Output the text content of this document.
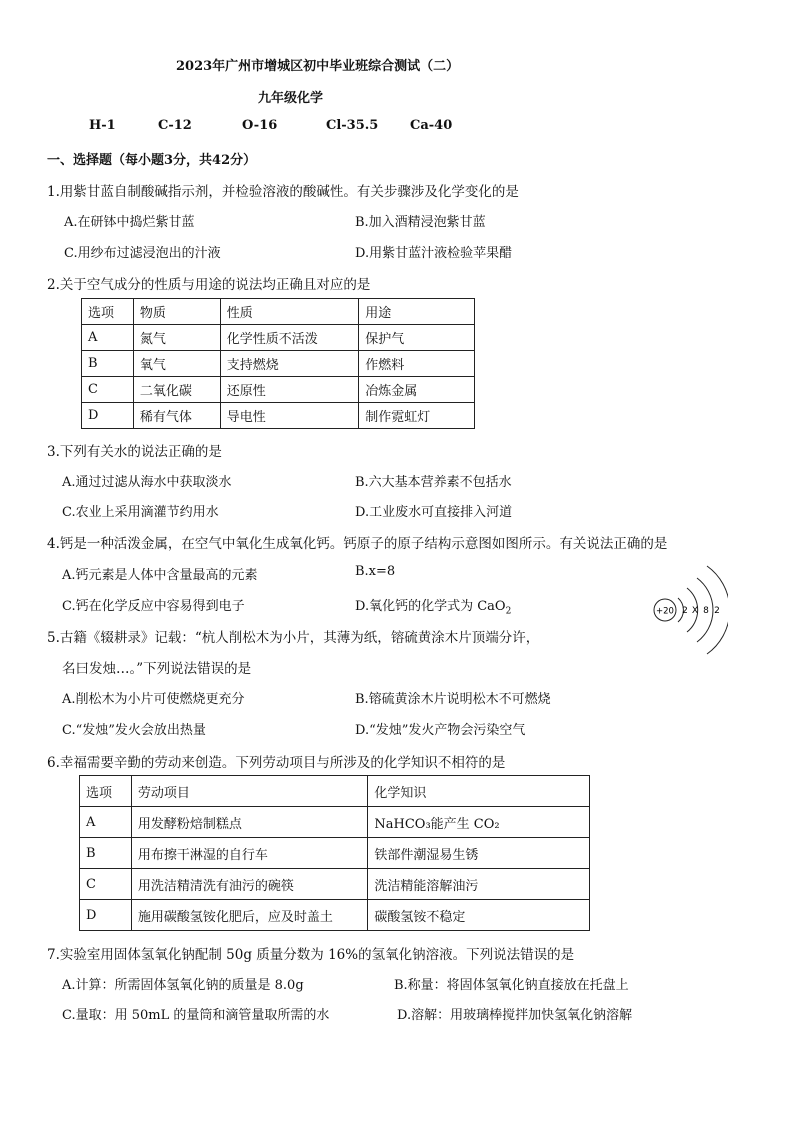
2023年广州市增城区初中毕业班综合测试（二）
九年级化学
H-1	C-12	O-16	Cl-35.5 Ca-40
一、选择题（每小题3分，共42分）
1.用紫甘蓝自制酸碱指示剂，并检验溶液的酸碱性。有关步骤涉及化学变化的是
A.在研钵中捣烂紫甘蓝	B.加入酒精浸泡紫甘蓝
C.用纱布过滤浸泡出的汁液	D.用紫甘蓝汁液检验苹果醋
2.关于空气成分的性质与用途的说法均正确且对应的是
选项	物质	性质	用途
A	氮气	化学性质不活泼	保护气
B	氧气	支持燃烧	作燃料
C	二氧化碳	还原性	冶炼金属
D	稀有气体	导电性	制作霓虹灯
3.下列有关水的说法正确的是
A.通过过滤从海水中获取淡水	B.六大基本营养素不包括水
C.农业上采用滴灌节约用水	D.工业废水可直接排入河道
4.钙是一种活泼金属，在空气中氧化生成氧化钙。钙原子的原子结构示意图如图所示。有关说法正确的是
A.钙元素是人体中含量最高的元素	B.x=8
C.钙在化学反应中容易得到电子	D.氧化钙的化学式为 CaO$_2$	+20 2 X 8 2
5.古籍《辍耕录》记载：“杭人削松木为小片，其薄为纸，镕硫黄涂木片顶端分许，
名曰发烛…。”下列说法错误的是
A.削松木为小片可使燃烧更充分	B.镕硫黄涂木片说明松木不可燃烧
C.“发烛”发火会放出热量	D.“发烛”发火产物会污染空气
6.幸福需要辛勤的劳动来创造。下列劳动项目与所涉及的化学知识不相符的是
选项	劳动项目	化学知识
A	用发酵粉焙制糕点	NaHCO₃能产生 CO₂
B	用布擦干淋湿的自行车	铁部件潮湿易生锈
C	用洗洁精清洗有油污的碗筷	洗洁精能溶解油污
D	施用碳酸氢铵化肥后，应及时盖土	碳酸氢铵不稳定
7.实验室用固体氢氧化钠配制 50g 质量分数为 16%的氢氧化钠溶液。下列说法错误的是
A.计算：所需固体氢氧化钠的质量是 8.0g	B.称量：将固体氢氧化钠直接放在托盘上
C.量取：用 50mL 的量筒和滴管量取所需的水	D.溶解：用玻璃棒搅拌加快氢氧化钠溶解
